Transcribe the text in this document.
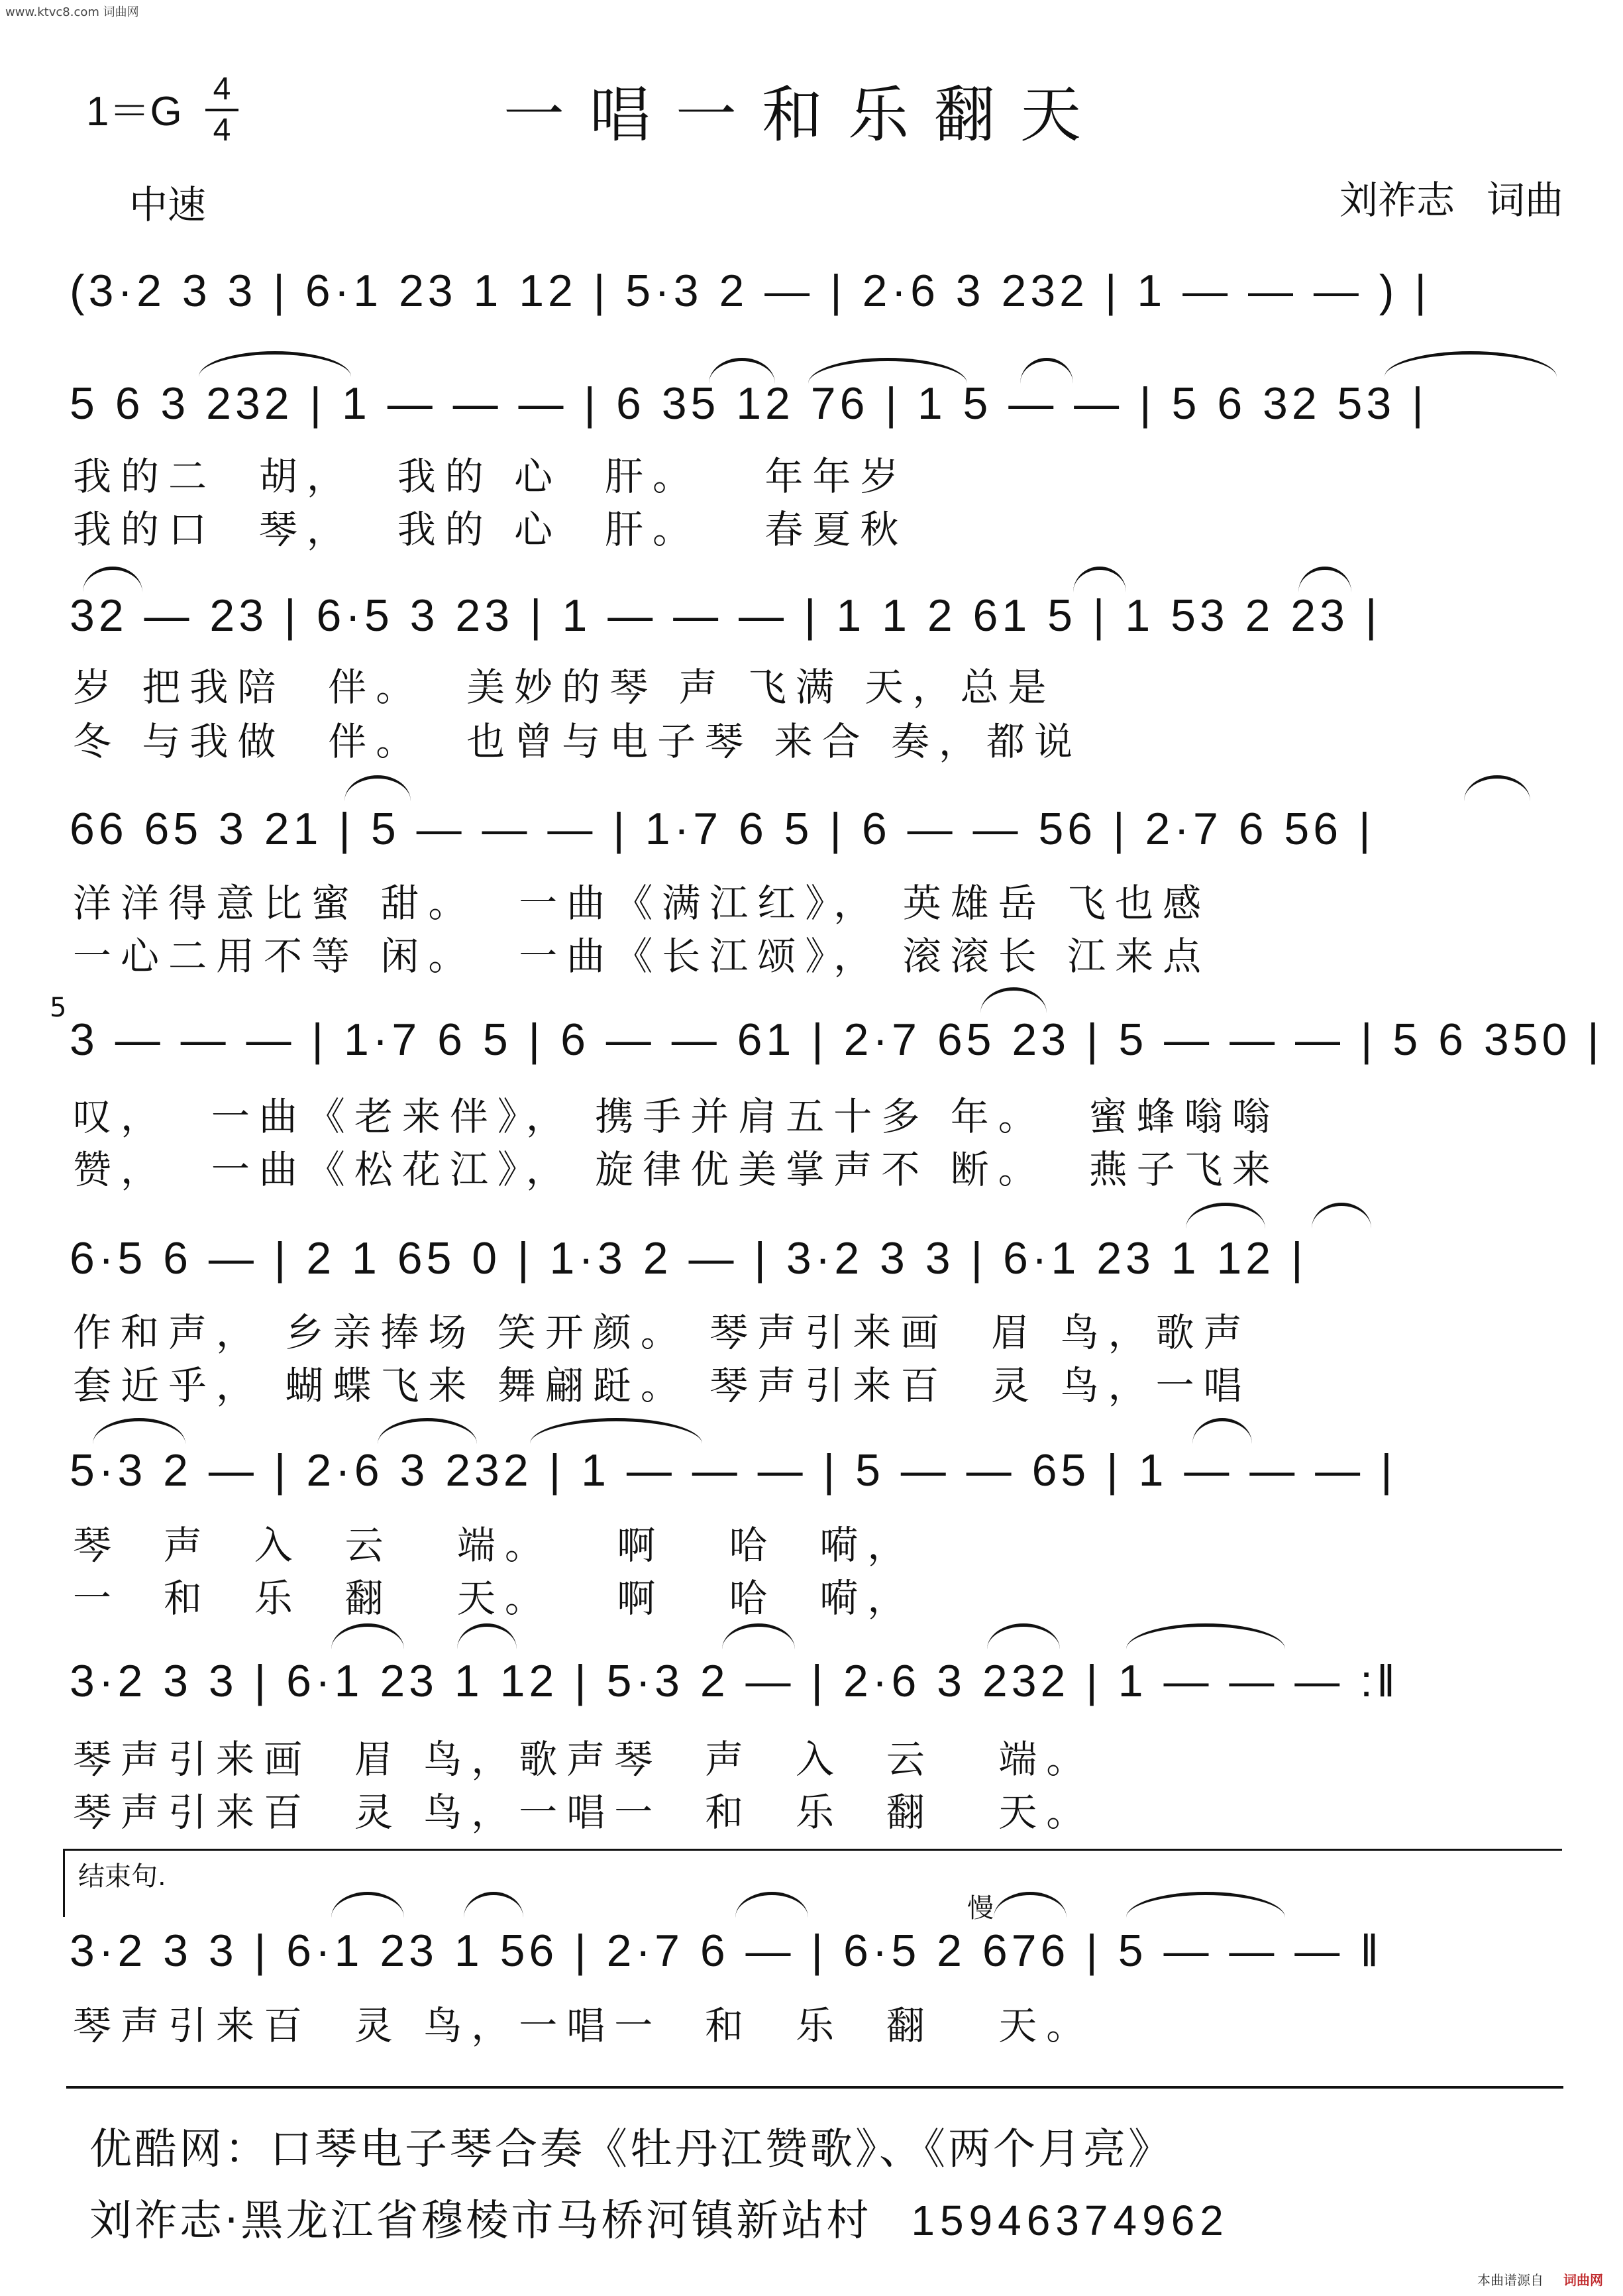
www.ktvc8.com 词曲网
1＝G 4
4	一唱一和乐翻天
中速	刘祚志 词曲
(3·2 3 3 | 6·1 23 1 12 | 5·3 2 — | 2·6 3 232 | 1 — — — ) |
5 6 3 232 | 1 — — — | 6 35 12 76 | 1 5 — — | 5 6 32 53 |
我的二  胡，  我的 心  肝。   年年岁
我的口  琴，  我的 心  肝。   春夏秋
32 — 23 | 6·5 3 23 | 1 — — — | 1 1 2 61 5 | 1 53 2 23 |
岁 把我陪  伴。  美妙的琴 声 飞满 天，总是
冬 与我做  伴。  也曾与电子琴 来合 奏，都说
66 65 3 21 | 5 — — — | 1·7 6 5 | 6 — — 56 | 2·7 6 56 |
洋洋得意比蜜 甜。  一曲《满江红》， 英雄岳 飞也感
一心二用不等 闲。  一曲《长江颂》， 滚滚长 江来点
5
3 — — — | 1·7 6 5 | 6 — — 61 | 2·7 65 23 | 5 — — — | 5 6 350 |
叹，  一曲《老来伴》， 携手并肩五十多 年。  蜜蜂嗡嗡
赞，  一曲《松花江》， 旋律优美掌声不 断。  燕子飞来
6·5 6 — | 2 1 65 0 | 1·3 2 — | 3·2 3 3 | 6·1 23 1 12 |
作和声， 乡亲捧场 笑开颜。 琴声引来画  眉 鸟，歌声
套近乎， 蝴蝶飞来 舞翩跹。 琴声引来百  灵 鸟，一唱
5·3 2 — | 2·6 3 232 | 1 — — — | 5 — — 65 | 1 — — — |
琴  声  入  云   端。   啊   哈  嗬，
一  和  乐  翻   天。   啊   哈  嗬，
3·2 3 3 | 6·1 23 1 12 | 5·3 2 — | 2·6 3 232 | 1 — — — :‖
琴声引来画  眉 鸟，歌声琴  声  入  云   端。
琴声引来百  灵 鸟，一唱一  和  乐  翻   天。
结束句.
慢
3·2 3 3 | 6·1 23 1 56 | 2·7 6 — | 6·5 2 676 | 5 — — — ‖
琴声引来百  灵 鸟，一唱一  和  乐  翻   天。
优酷网：口琴电子琴合奏《牡丹江赞歌》、《两个月亮》
刘祚志·黑龙江省穆棱市马桥河镇新站村 15946374962
本曲谱源自 词曲网
